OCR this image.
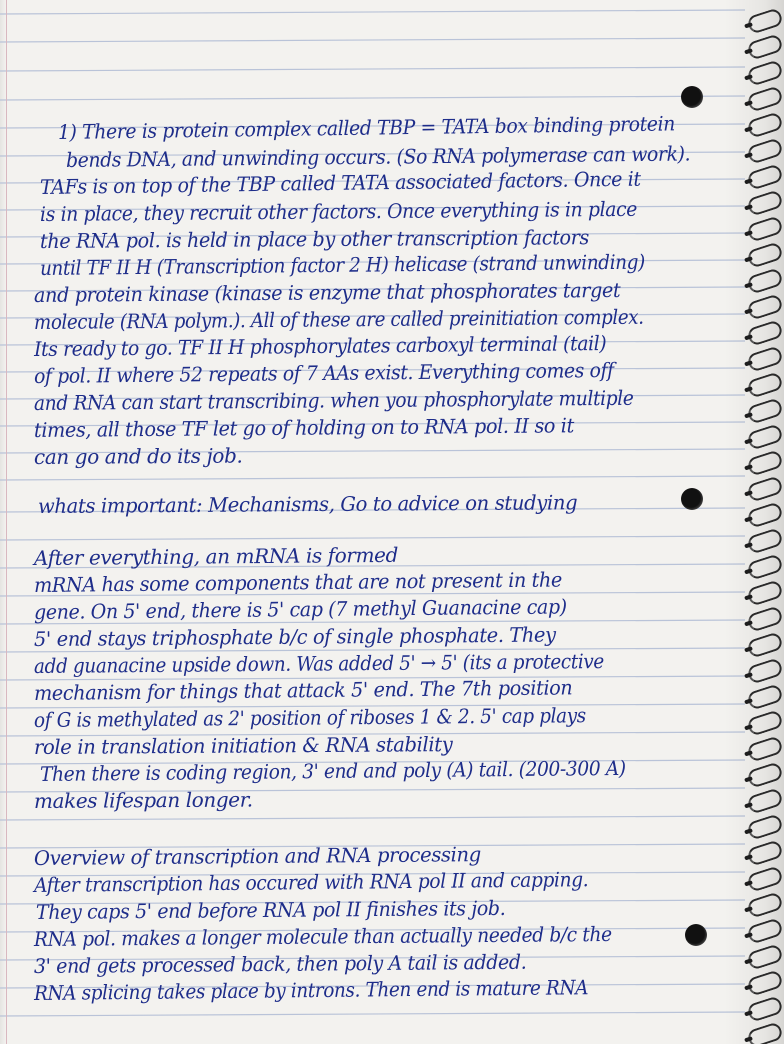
1) There is protein complex called TBP = TATA box binding protein
bends DNA, and unwinding occurs. (So RNA polymerase can work).
TAFs is on top of the TBP called TATA associated factors. Once it
is in place, they recruit other factors. Once everything is in place
the RNA pol. is held in place by other transcription factors
until TF II H (Transcription factor 2 H) helicase (strand unwinding)
and protein kinase (kinase is enzyme that phosphorates target
molecule (RNA polym.). All of these are called preinitiation complex.
Its ready to go. TF II H phosphorylates carboxyl terminal (tail)
of pol. II where 52 repeats of 7 AAs exist. Everything comes off
and RNA can start transcribing. when you phosphorylate multiple
times, all those TF let go of holding on to RNA pol. II so it
can go and do its job.
whats important: Mechanisms, Go to advice on studying
After everything, an mRNA is formed
mRNA has some components that are not present in the
gene. On 5' end, there is 5' cap (7 methyl Guanacine cap)
5' end stays triphosphate b/c of single phosphate. They
add guanacine upside down. Was added 5' → 5' (its a protective
mechanism for things that attack 5' end. The 7th position
of G is methylated as 2' position of riboses 1 & 2. 5' cap plays
role in translation initiation & RNA stability
Then there is coding region, 3' end and poly (A) tail. (200-300 A)
makes lifespan longer.
Overview of transcription and RNA processing
After transcription has occured with RNA pol II and capping.
They caps 5' end before RNA pol II finishes its job.
RNA pol. makes a longer molecule than actually needed b/c the
3' end gets processed back, then poly A tail is added.
RNA splicing takes place by introns. Then end is mature RNA
